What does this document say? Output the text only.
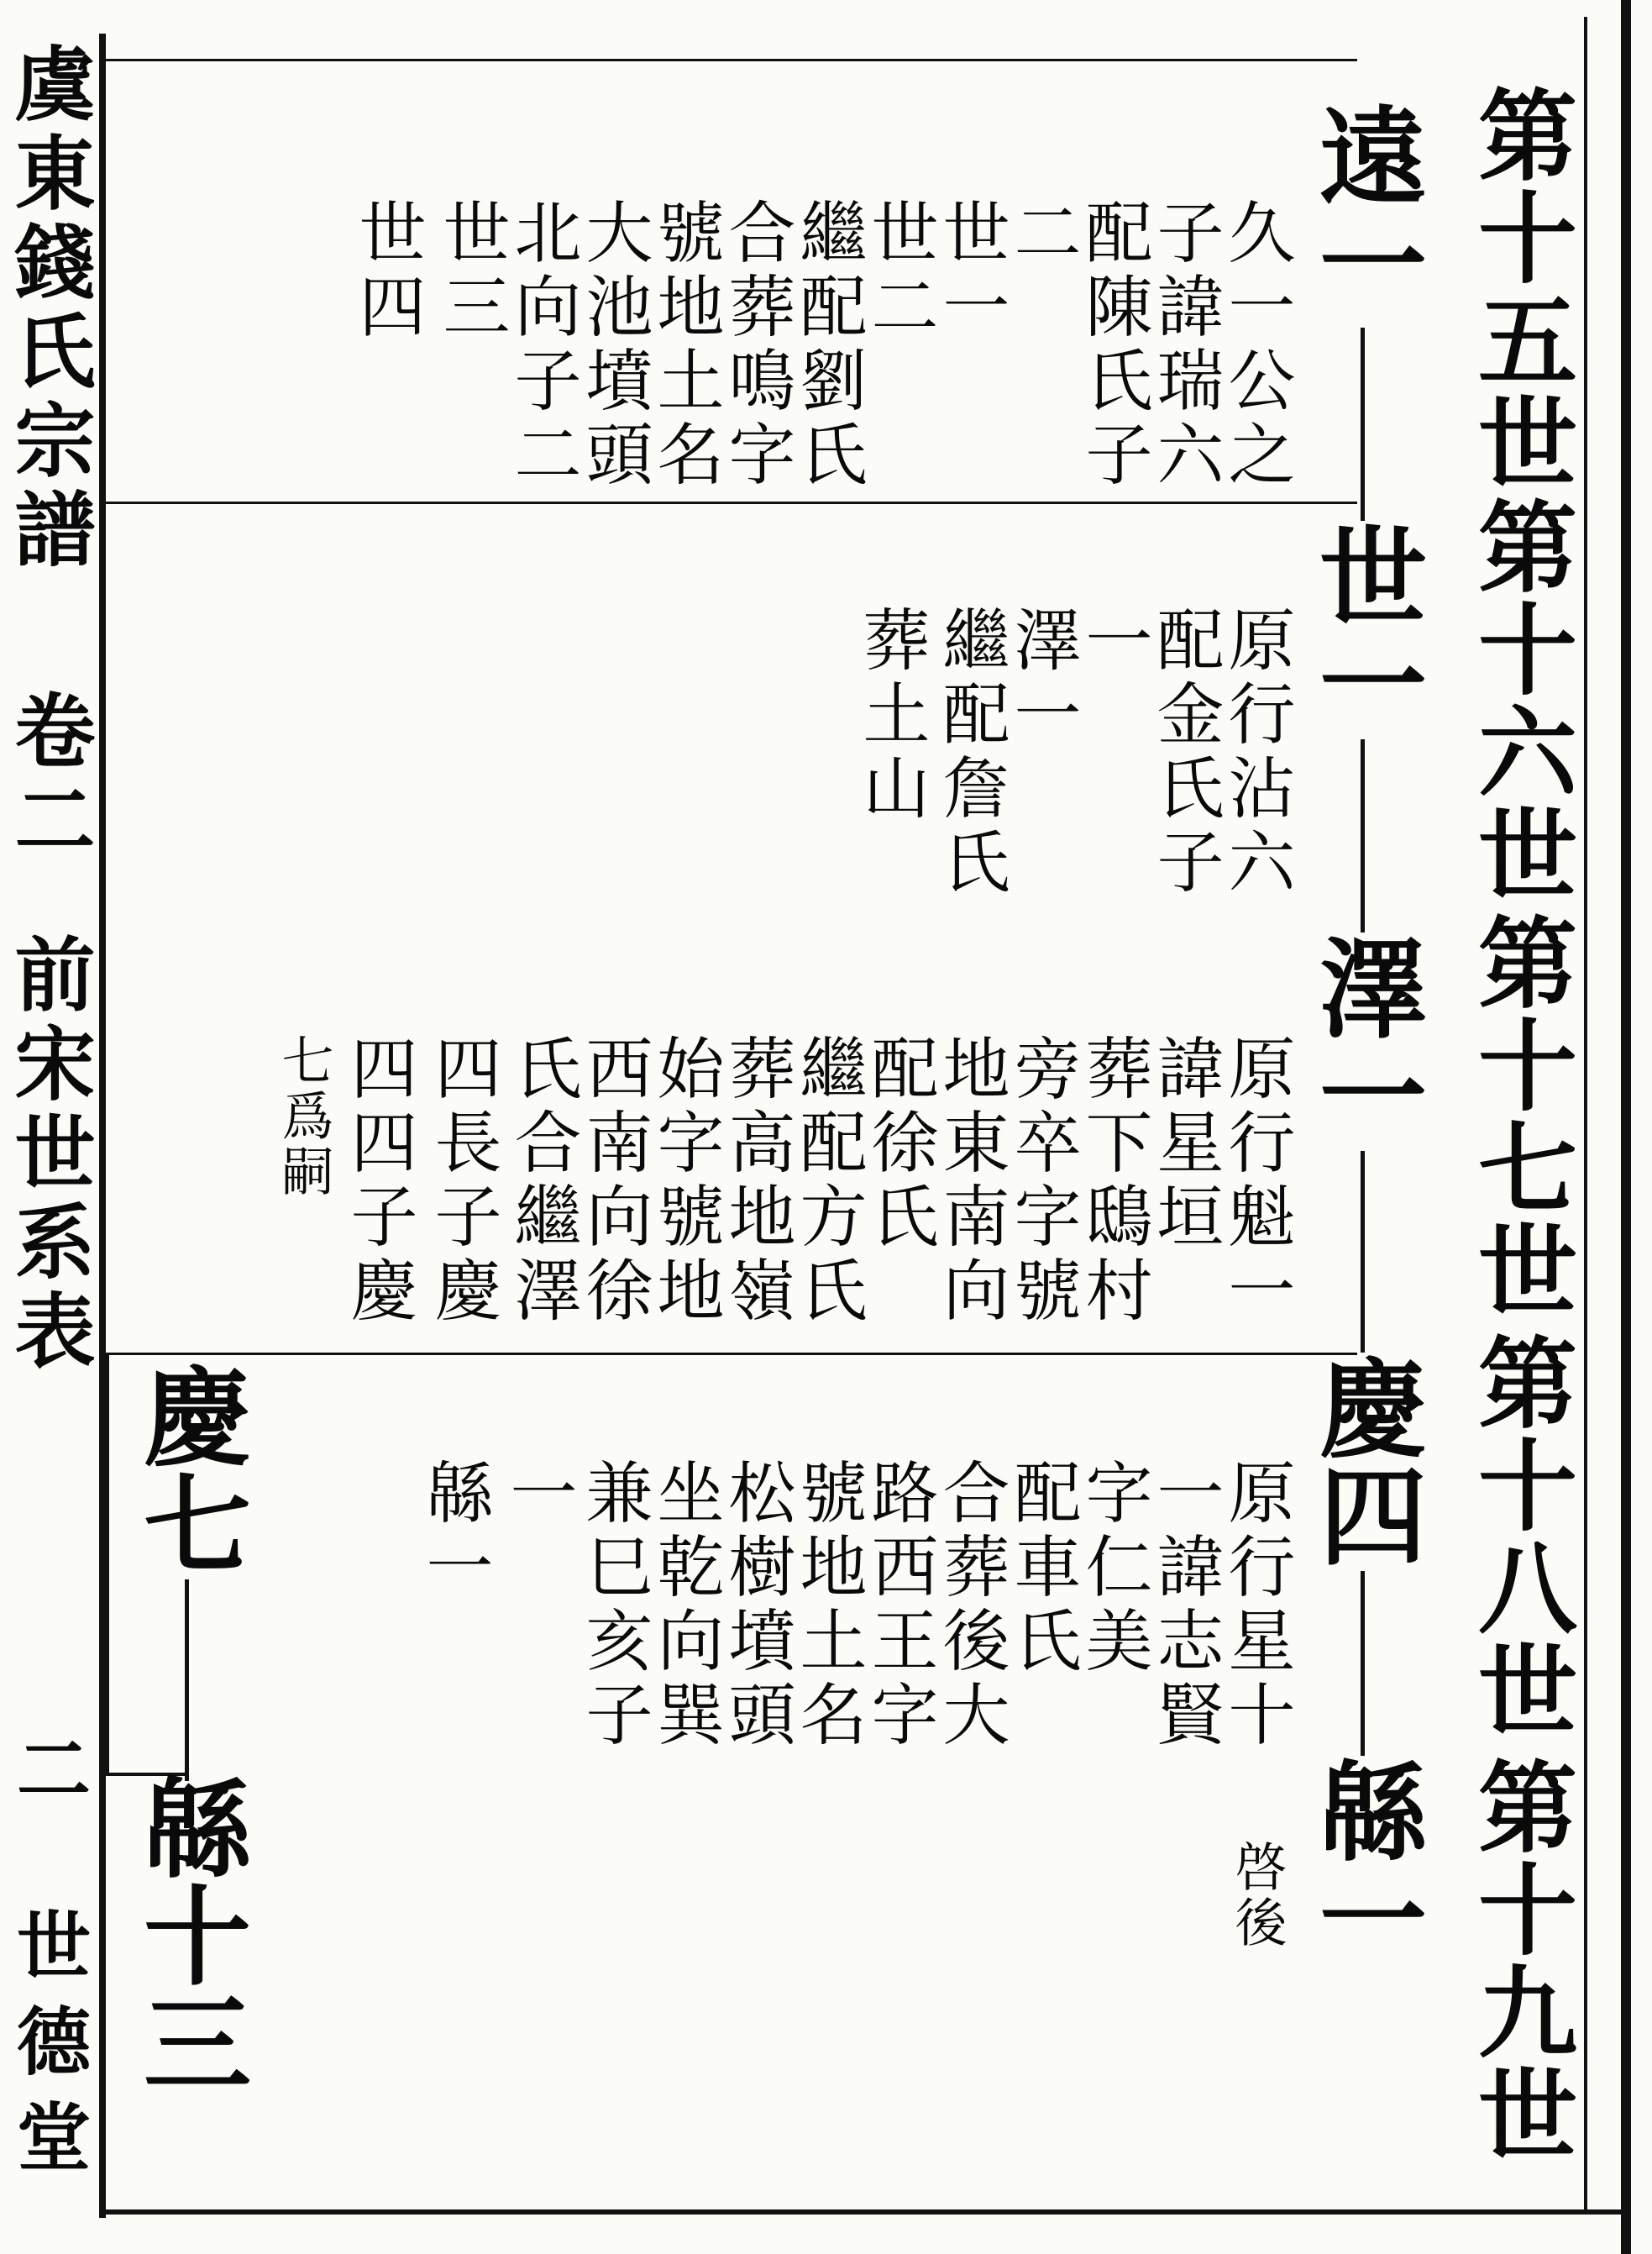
虞東錢氏宗譜
卷二
前宋世系表
二
世德堂
第十五世
第十六世
第十七世
第十八世
第十九世
遠一
世一
澤一
慶四
緜一
久一公之
子諱瑞六
配陳氏子
二
世一
世二
繼配劉氏
合葬鳴字
號地土名
大池墳頭
北向子二
世三
世四
原行沾六
配金氏子
一
澤一
繼配詹氏
葬土山
原行魁一
諱星垣
葬下鴟村
旁卒字號
地東南向
配徐氏
繼配方氏
葬高地嶺
始字號地
西南向徐
氏合繼澤
四長子慶
四四子慶
七爲嗣
原行星十
一諱志賢
字仁美
配車氏
合葬後大
路西王字
號地土名
松樹墳頭
坐乾向巽
兼巳亥子
一
緜一
啓後
慶七
緜十三
